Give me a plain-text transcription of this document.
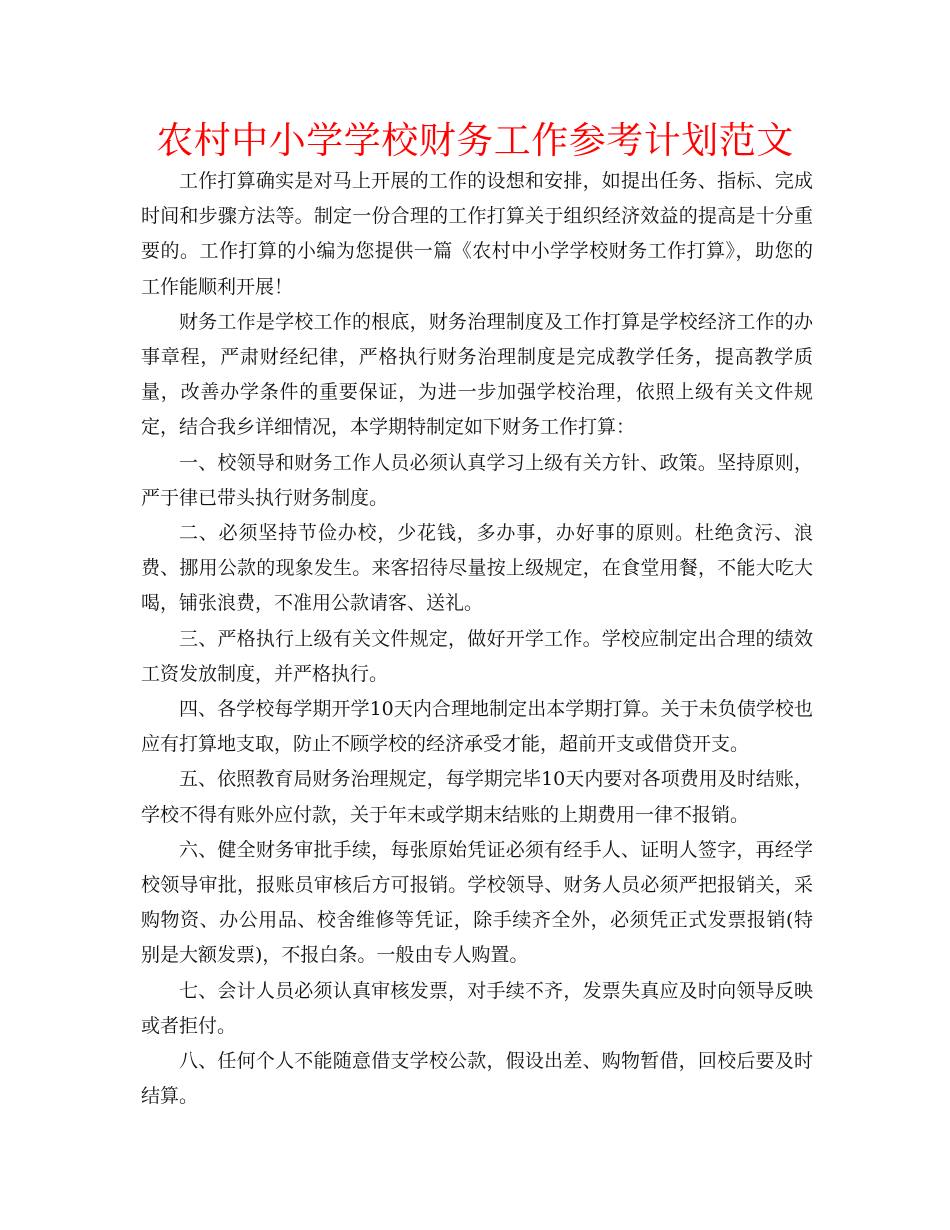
农村中小学学校财务工作参考计划范文

工作打算确实是对马上开展的工作的设想和安排，如提出任务、指标、完成时间和步骤方法等。制定一份合理的工作打算关于组织经济效益的提高是十分重要的。工作打算的小编为您提供一篇《农村中小学学校财务工作打算》，助您的工作能顺利开展！

财务工作是学校工作的根底，财务治理制度及工作打算是学校经济工作的办事章程，严肃财经纪律，严格执行财务治理制度是完成教学任务，提高教学质量，改善办学条件的重要保证，为进一步加强学校治理，依照上级有关文件规定，结合我乡详细情况，本学期特制定如下财务工作打算：

一、校领导和财务工作人员必须认真学习上级有关方针、政策。坚持原则，严于律已带头执行财务制度。

二、必须坚持节俭办校，少花钱，多办事，办好事的原则。杜绝贪污、浪费、挪用公款的现象发生。来客招待尽量按上级规定，在食堂用餐，不能大吃大喝，铺张浪费，不准用公款请客、送礼。

三、严格执行上级有关文件规定，做好开学工作。学校应制定出合理的绩效工资发放制度，并严格执行。

四、各学校每学期开学10天内合理地制定出本学期打算。关于未负债学校也应有打算地支取，防止不顾学校的经济承受才能，超前开支或借贷开支。

五、依照教育局财务治理规定，每学期完毕10天内要对各项费用及时结账，学校不得有账外应付款，关于年末或学期末结账的上期费用一律不报销。

六、健全财务审批手续，每张原始凭证必须有经手人、证明人签字，再经学校领导审批，报账员审核后方可报销。学校领导、财务人员必须严把报销关，采购物资、办公用品、校舍维修等凭证，除手续齐全外，必须凭正式发票报销(特别是大额发票)，不报白条。一般由专人购置。

七、会计人员必须认真审核发票，对手续不齐，发票失真应及时向领导反映或者拒付。

八、任何个人不能随意借支学校公款，假设出差、购物暂借，回校后要及时结算。
